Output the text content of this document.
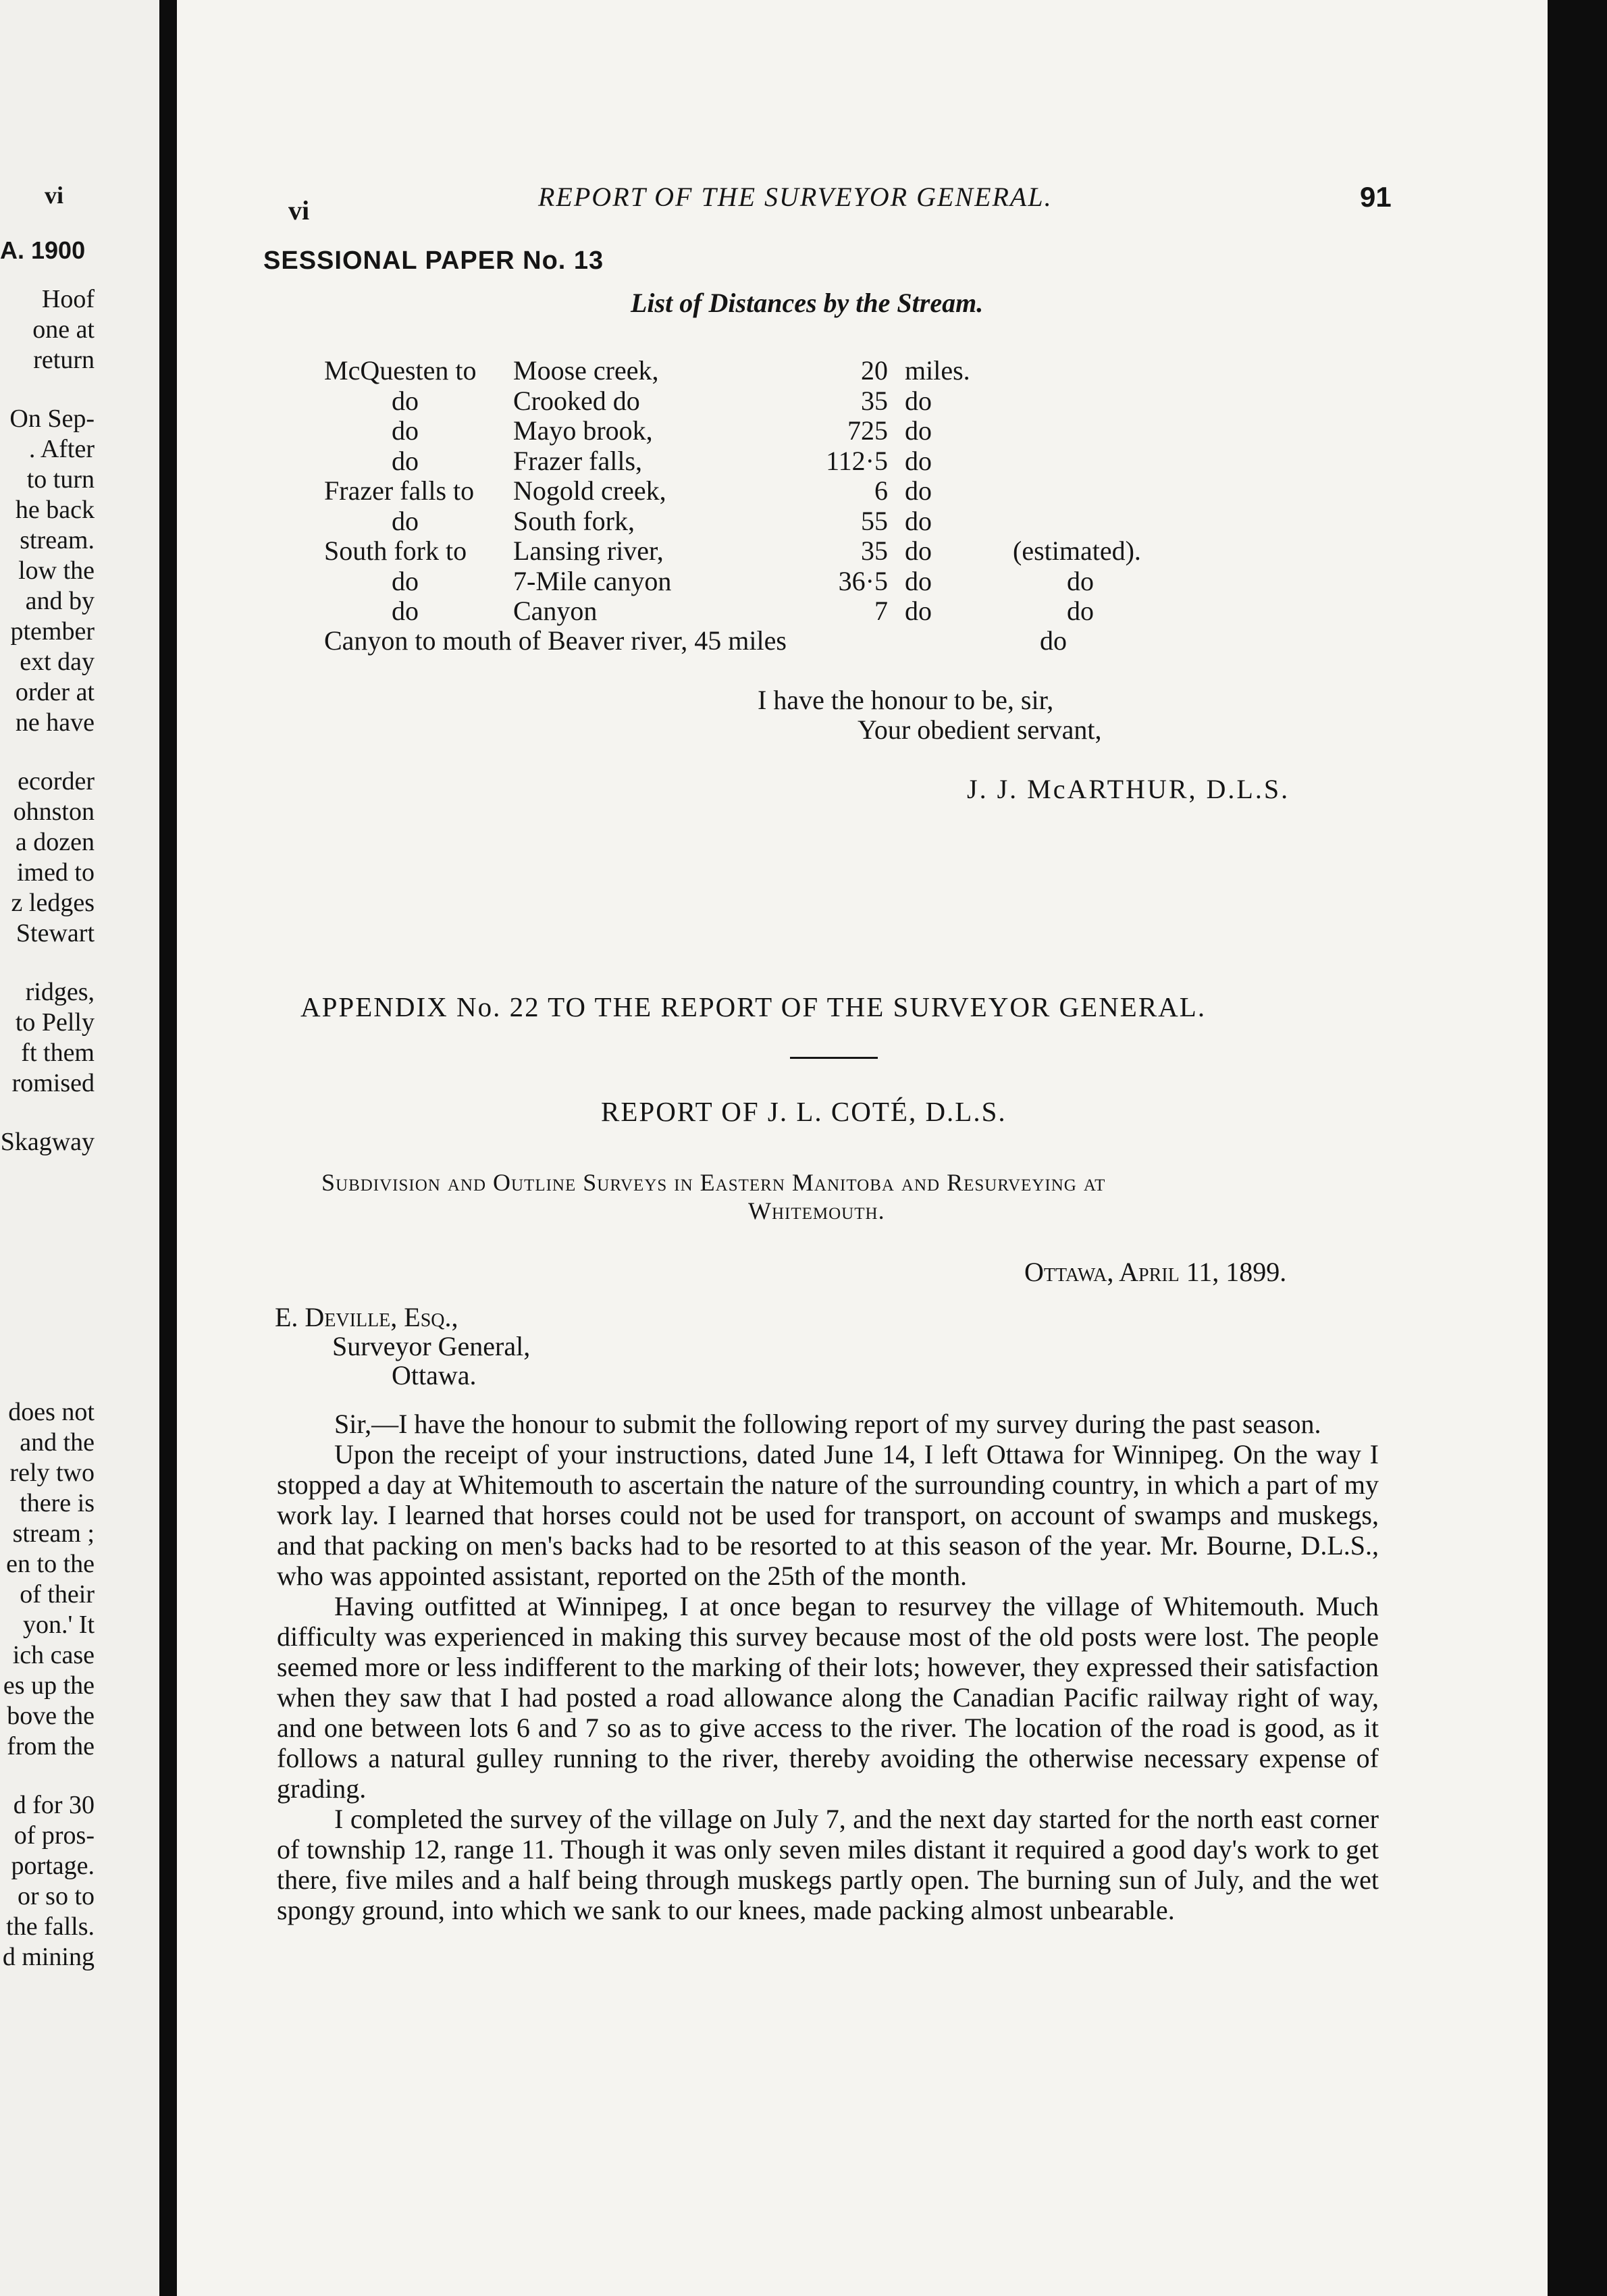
vi
A. 1900
Hoof
one at
return
On Sep-
. After
to turn
he back
stream.
low the
and by
ptember
ext day
order at
ne have
ecorder
ohnston
a dozen
imed to
z ledges
Stewart
ridges,
to Pelly
ft them
romised
Skagway
does not
and the
rely two
there is
stream ;
en to the
of their
yon.' It
ich case
es up the
bove the
from the
d for 30
of pros-
portage.
or so to
the falls.
d mining
vi	REPORT OF THE SURVEYOR GENERAL.	91
SESSIONAL PAPER No. 13
List of Distances by the Stream.
McQuesten to Moose creek,	20 miles.
do	Crooked do	35 do
do	Mayo brook,	725 do
do	Frazer falls,	112·5 do
Frazer falls to Nogold creek,	6 do
do	South fork,	55 do
South fork to Lansing river,	35 do	(estimated).
do	7-Mile canyon	36·5 do	do
do	Canyon	7 do	do
Canyon to mouth of Beaver river, 45 miles	do
I have the honour to be, sir,
Your obedient servant,
J. J. McARTHUR, D.L.S.
APPENDIX No. 22 TO THE REPORT OF THE SURVEYOR GENERAL.
REPORT OF J. L. COTÉ, D.L.S.
Subdivision and Outline Surveys in Eastern Manitoba and Resurveying at
Whitemouth.
Ottawa, April 11, 1899.
E. Deville, Esq.,
Surveyor General,
Ottawa.

Sir,—I have the honour to submit the following report of my survey during the past season.

Upon the receipt of your instructions, dated June 14, I left Ottawa for Winnipeg. On the way I stopped a day at Whitemouth to ascertain the nature of the surrounding country, in which a part of my work lay. I learned that horses could not be used for transport, on account of swamps and muskegs, and that packing on men's backs had to be resorted to at this season of the year. Mr. Bourne, D.L.S., who was appointed assistant, reported on the 25th of the month.

Having outfitted at Winnipeg, I at once began to resurvey the village of Whitemouth. Much difficulty was experienced in making this survey because most of the old posts were lost. The people seemed more or less indifferent to the marking of their lots; however, they expressed their satisfaction when they saw that I had posted a road allowance along the Canadian Pacific railway right of way, and one between lots 6 and 7 so as to give access to the river. The location of the road is good, as it follows a natural gulley running to the river, thereby avoiding the otherwise necessary expense of grading.

I completed the survey of the village on July 7, and the next day started for the north east corner of township 12, range 11. Though it was only seven miles distant it required a good day's work to get there, five miles and a half being through muskegs partly open. The burning sun of July, and the wet spongy ground, into which we sank to our knees, made packing almost unbearable.
